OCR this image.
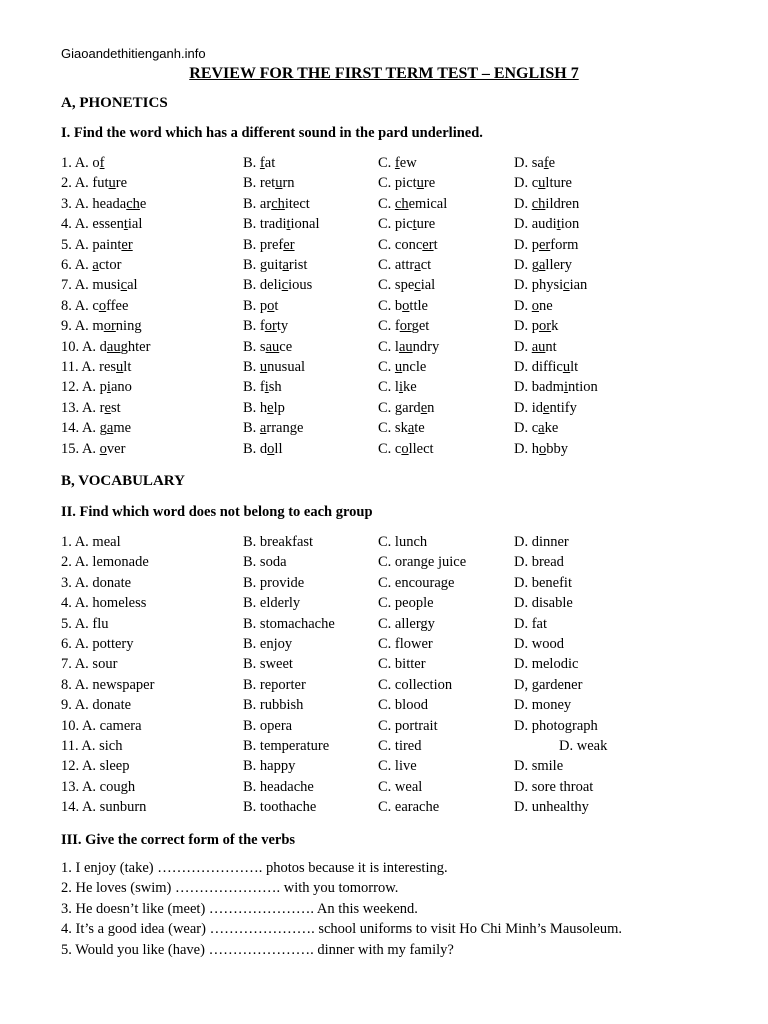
Giaoandethitienganh.info
REVIEW FOR THE FIRST TERM TEST – ENGLISH 7
A, PHONETICS
I. Find the word which has a different sound in the pard underlined.
1. A. of	B. fat	C. few	D. safe
2. A. future	B. return	C. picture	D. culture
3. A. headache	B. architect	C. chemical	D. children
4. A. essential	B. traditional	C. picture	D. audition
5. A. painter	B. prefer	C. concert	D. perform
6. A. actor	B. guitarist	C. attract	D. gallery
7. A. musical	B. delicious	C. special	D. physician
8. A. coffee	B. pot	C. bottle	D. one
9. A. morning	B. forty	C. forget	D. pork
10. A. daughter	B. sauce	C. laundry	D. aunt
11. A. result	B. unusual	C. uncle	D. difficult
12. A. piano	B. fish	C. like	D. badmintion
13. A. rest	B. help	C. garden	D. identify
14. A. game	B. arrange	C. skate	D. cake
15. A. over	B. doll	C. collect	D. hobby
B, VOCABULARY
II. Find which word does not belong to each group
1. A. meal	B. breakfast	C. lunch	D. dinner
2. A. lemonade	B. soda	C. orange juice	D. bread
3. A. donate	B. provide	C. encourage	D. benefit
4. A. homeless	B. elderly	C. people	D. disable
5. A. flu	B. stomachache	C. allergy	D. fat
6. A. pottery	B. enjoy	C. flower	D. wood
7. A. sour	B. sweet	C. bitter	D. melodic
8. A. newspaper	B. reporter	C. collection	D, gardener
9. A. donate	B. rubbish	C. blood	D. money
10. A. camera	B. opera	C. portrait	D. photograph
11. A. sich	B. temperature	C. tired	D. weak
12. A. sleep	B. happy	C. live	D. smile
13. A. cough	B. headache	C. weal	D. sore throat
14. A. sunburn	B. toothache	C. earache	D. unhealthy
III. Give the correct form of the verbs
1. I enjoy (take) …………………. photos because it is interesting.
2. He loves (swim) …………………. with you tomorrow.
3. He doesn’t like (meet) …………………. An this weekend.
4. It’s a good idea (wear) …………………. school uniforms to visit Ho Chi Minh’s Mausoleum.
5. Would you like (have) …………………. dinner with my family?
